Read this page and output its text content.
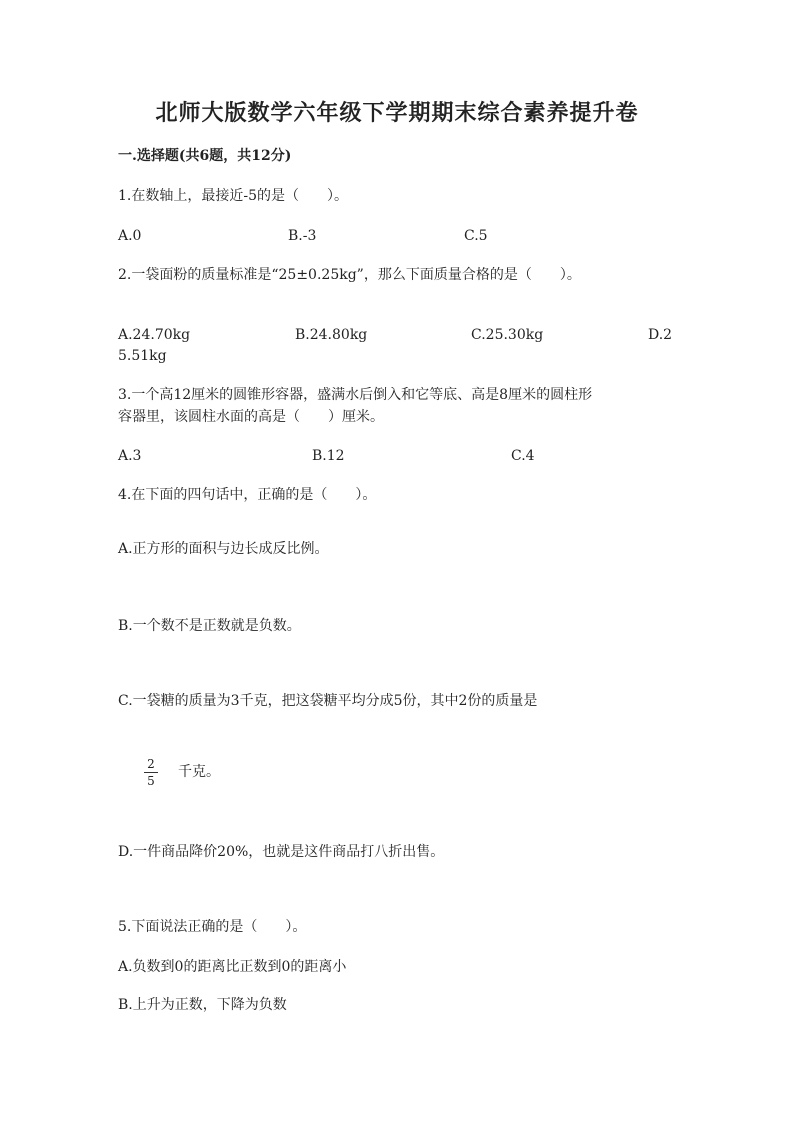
北师大版数学六年级下学期期末综合素养提升卷
一.选择题(共6题，共12分)
1.在数轴上，最接近-5的是（　　）。
A.0	B.-3	C.5
2.一袋面粉的质量标准是“25±0.25kg”，那么下面质量合格的是（　　）。
A.24.70kg	B.24.80kg	C.25.30kg	D.2
5.51kg
3.一个高12厘米的圆锥形容器，盛满水后倒入和它等底、高是8厘米的圆柱形
容器里，该圆柱水面的高是（　　）厘米。
A.3	B.12	C.4
4.在下面的四句话中，正确的是（　　）。
A.正方形的面积与边长成反比例。
B.一个数不是正数就是负数。
C.一袋糖的质量为3千克，把这袋糖平均分成5份，其中2份的质量是
$\frac{2}{5}$ 千克。
D.一件商品降价20%，也就是这件商品打八折出售。
5.下面说法正确的是（　　）。
A.负数到0的距离比正数到0的距离小
B.上升为正数，下降为负数
